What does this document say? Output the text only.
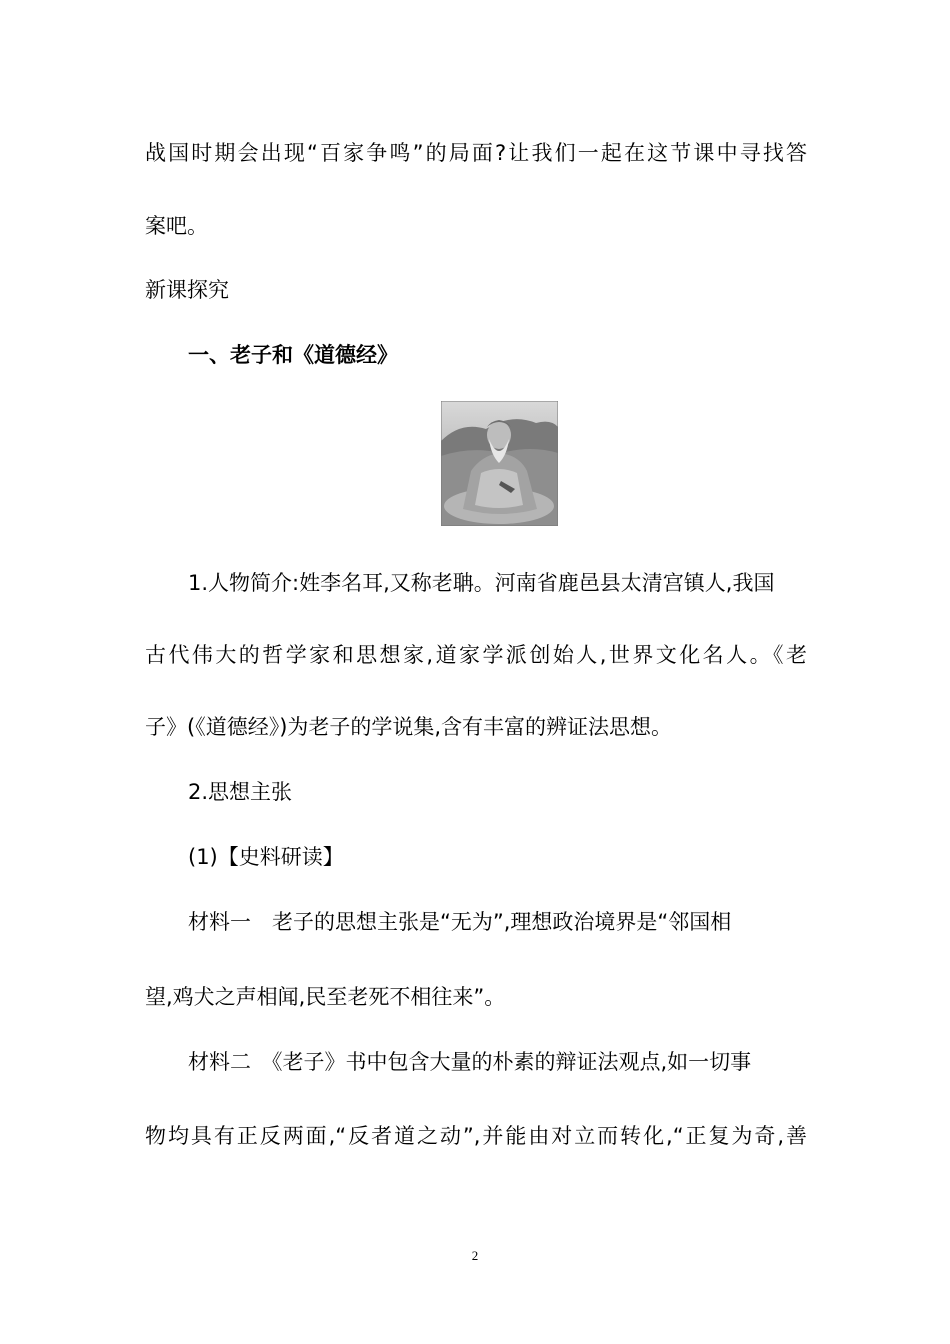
战国时期会出现“百家争鸣”的局面?让我们一起在这节课中寻找答
案吧。
新课探究
一、老子和《道德经》
1.人物简介:姓李名耳,又称老聃。河南省鹿邑县太清宫镇人,我国
古代伟大的哲学家和思想家,道家学派创始人,世界文化名人。《老
子》(《道德经》)为老子的学说集,含有丰富的辨证法思想。
2.思想主张
(1)【史料研读】
材料一　老子的思想主张是“无为”,理想政治境界是“邻国相
望,鸡犬之声相闻,民至老死不相往来”。
材料二　《老子》书中包含大量的朴素的辩证法观点,如一切事
物均具有正反两面,“反者道之动”,并能由对立而转化,“正复为奇,善
2
